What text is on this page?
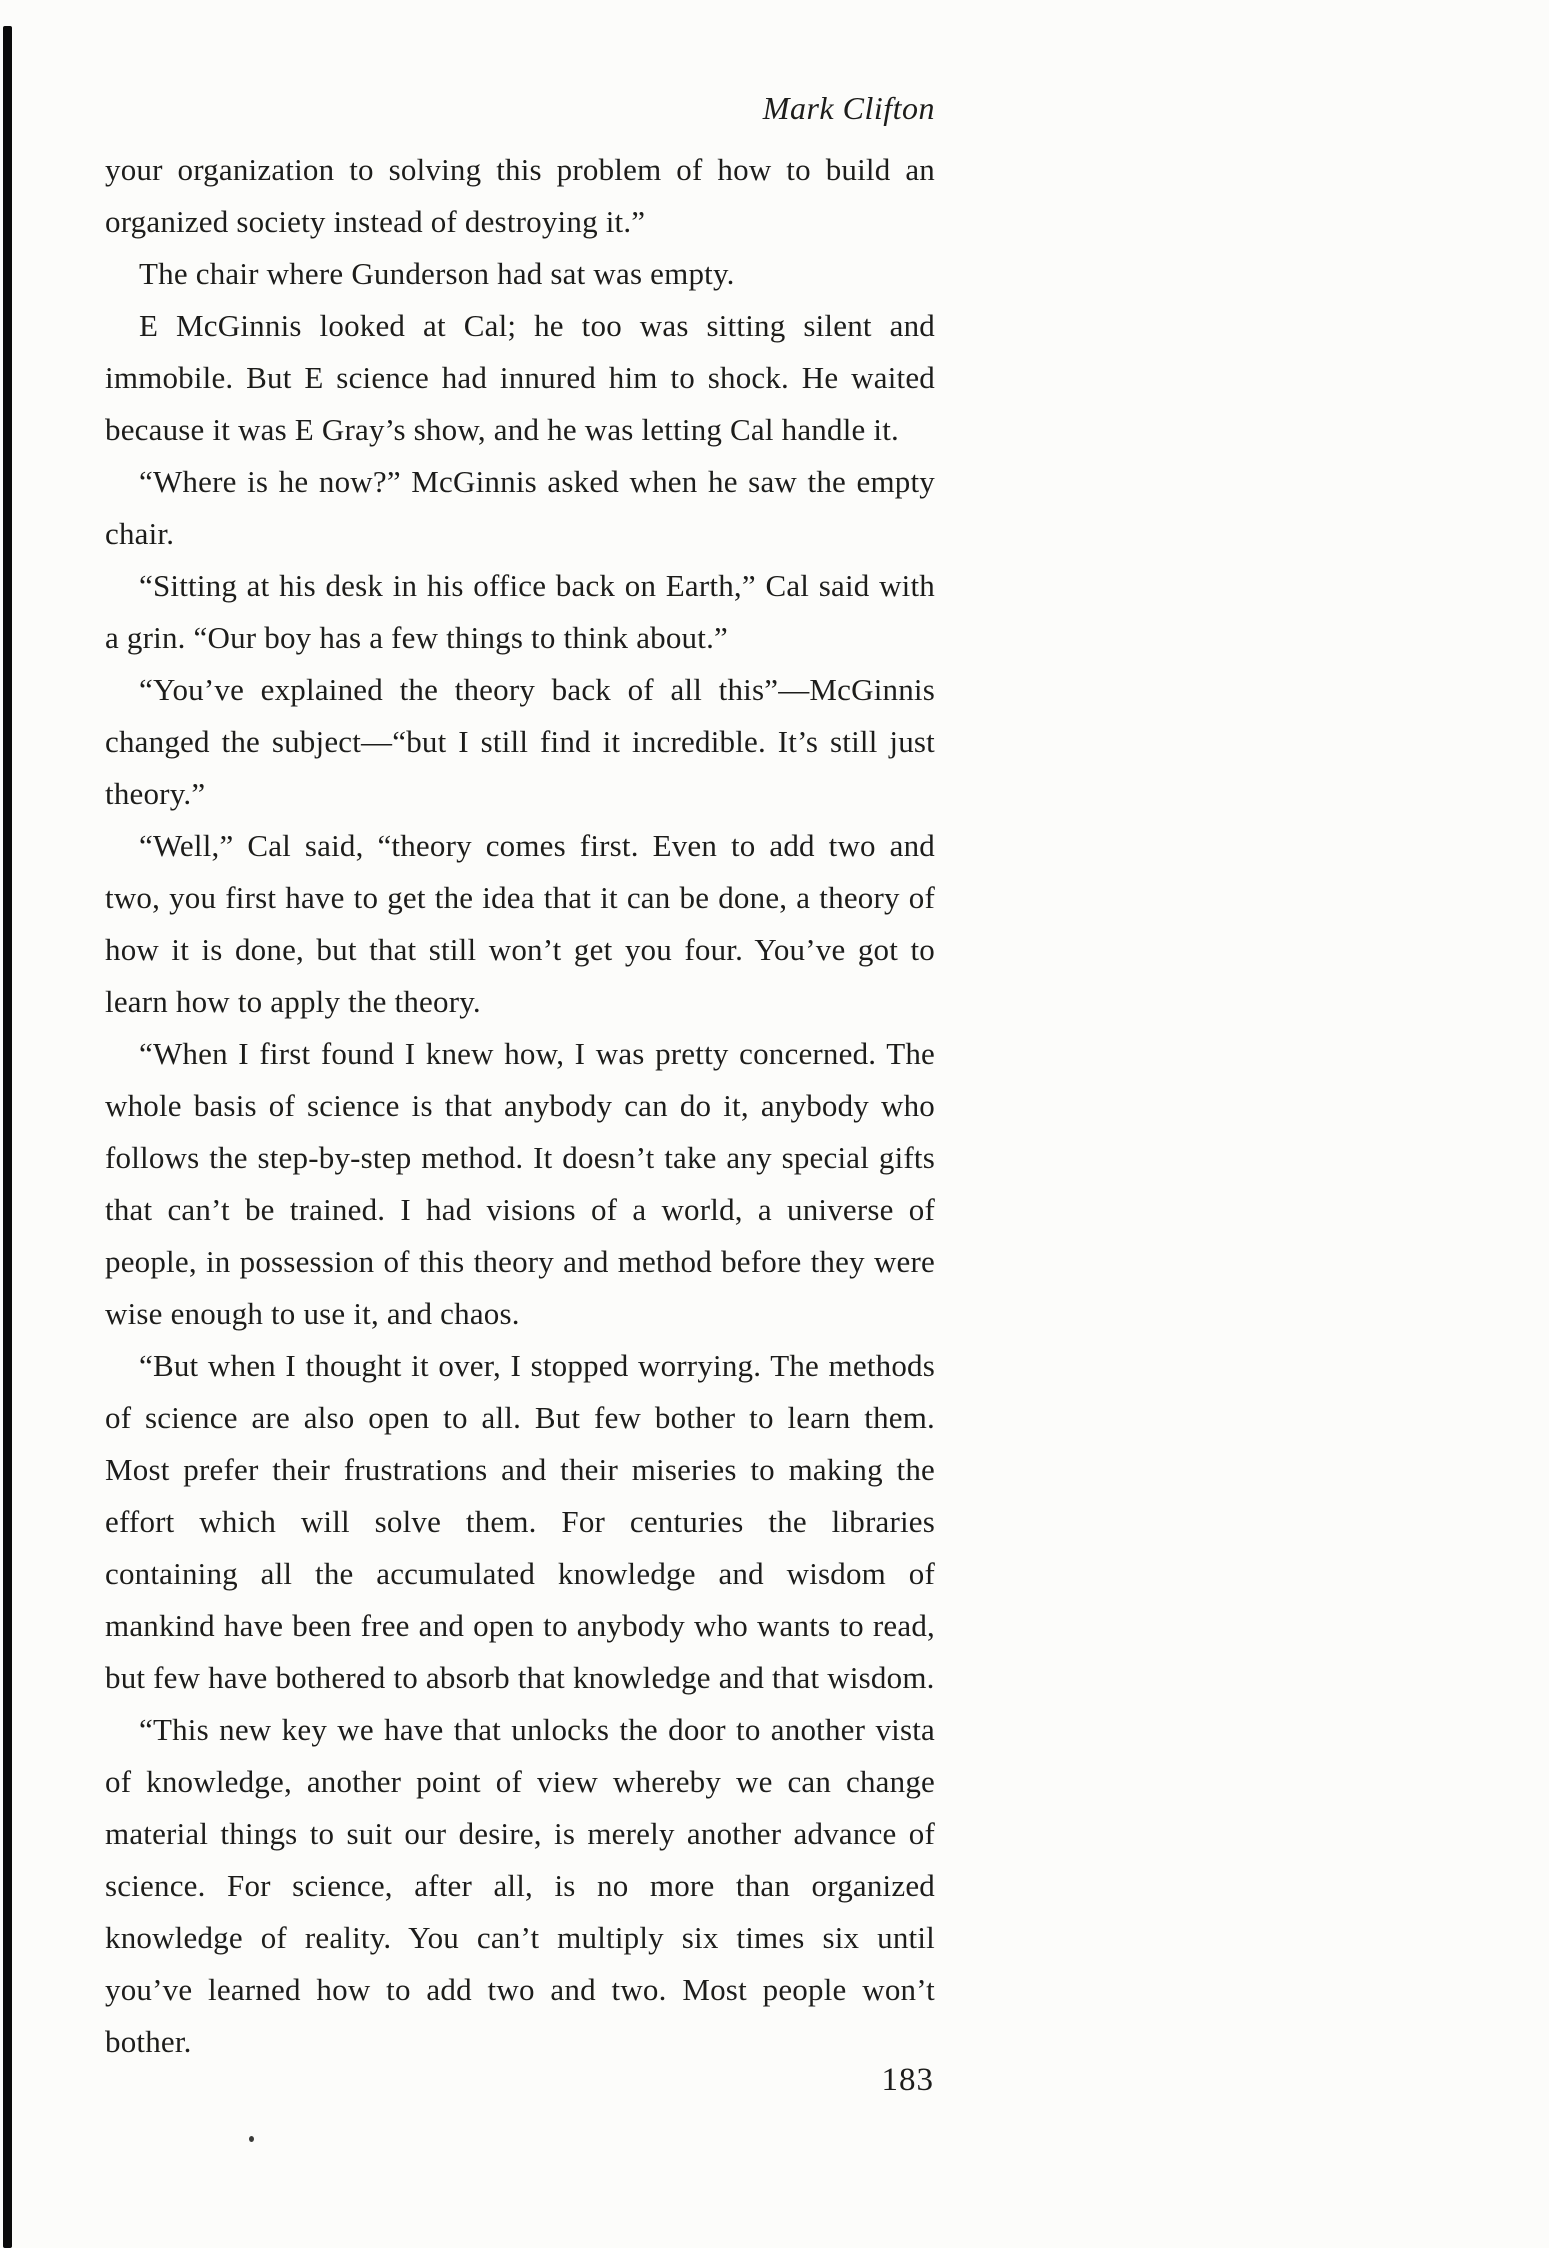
Mark Clifton

your organization to solving this problem of how to build an organized society instead of destroying it.”

The chair where Gunderson had sat was empty.

E McGinnis looked at Cal; he too was sitting silent and immobile. But E science had innured him to shock. He waited because it was E Gray’s show, and he was letting Cal handle it.

“Where is he now?” McGinnis asked when he saw the empty chair.

“Sitting at his desk in his office back on Earth,” Cal said with a grin. “Our boy has a few things to think about.”

“You’ve explained the theory back of all this”—McGinnis changed the subject—“but I still find it incredible. It’s still just theory.”

“Well,” Cal said, “theory comes first. Even to add two and two, you first have to get the idea that it can be done, a theory of how it is done, but that still won’t get you four. You’ve got to learn how to apply the theory.

“When I first found I knew how, I was pretty concerned. The whole basis of science is that anybody can do it, anybody who follows the step-by-step method. It doesn’t take any special gifts that can’t be trained. I had visions of a world, a universe of people, in possession of this theory and method before they were wise enough to use it, and chaos.

“But when I thought it over, I stopped worrying. The methods of science are also open to all. But few bother to learn them. Most prefer their frustrations and their miseries to making the effort which will solve them. For centuries the libraries containing all the accumulated knowledge and wisdom of mankind have been free and open to anybody who wants to read, but few have bothered to absorb that knowledge and that wisdom.

“This new key we have that unlocks the door to another vista of knowledge, another point of view whereby we can change material things to suit our desire, is merely another advance of science. For science, after all, is no more than organized knowledge of reality. You can’t multiply six times six until you’ve learned how to add two and two. Most people won’t bother.

183
